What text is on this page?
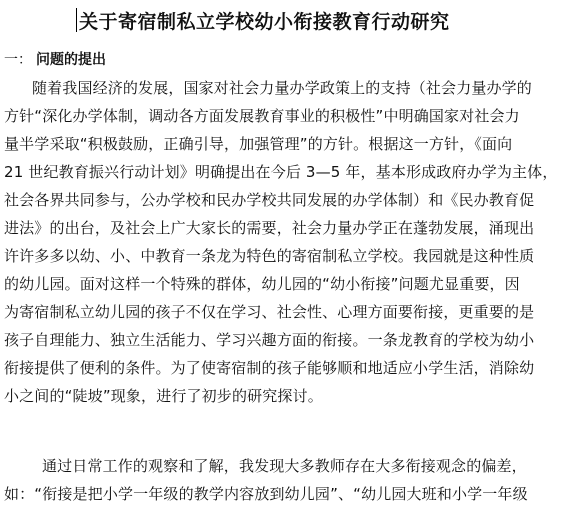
关于寄宿制私立学校幼小衔接教育行动研究
一： 问题的提出
随着我国经济的发展，国家对社会力量办学政策上的支持（社会力量办学的
方针“深化办学体制，调动各方面发展教育事业的积极性”中明确国家对社会力
量半学采取“积极鼓励，正确引导，加强管理”的方针。根据这一方针，《面向
21 世纪教育振兴行动计划》明确提出在今后 3—5 年，基本形成政府办学为主体，
社会各界共同参与，公办学校和民办学校共同发展的办学体制）和《民办教育促
进法》的出台，及社会上广大家长的需要，社会力量办学正在蓬勃发展，涌现出
许许多多以幼、小、中教育一条龙为特色的寄宿制私立学校。我园就是这种性质
的幼儿园。面对这样一个特殊的群体，幼儿园的“幼小衔接”问题尤显重要，因
为寄宿制私立幼儿园的孩子不仅在学习、社会性、心理方面要衔接，更重要的是
孩子自理能力、独立生活能力、学习兴趣方面的衔接。一条龙教育的学校为幼小
衔接提供了便利的条件。为了使寄宿制的孩子能够顺和地适应小学生活，消除幼
小之间的“陡坡”现象，进行了初步的研究探讨。
通过日常工作的观察和了解，我发现大多教师存在大多衔接观念的偏差，
如：“衔接是把小学一年级的教学内容放到幼儿园”、“幼儿园大班和小学一年级
